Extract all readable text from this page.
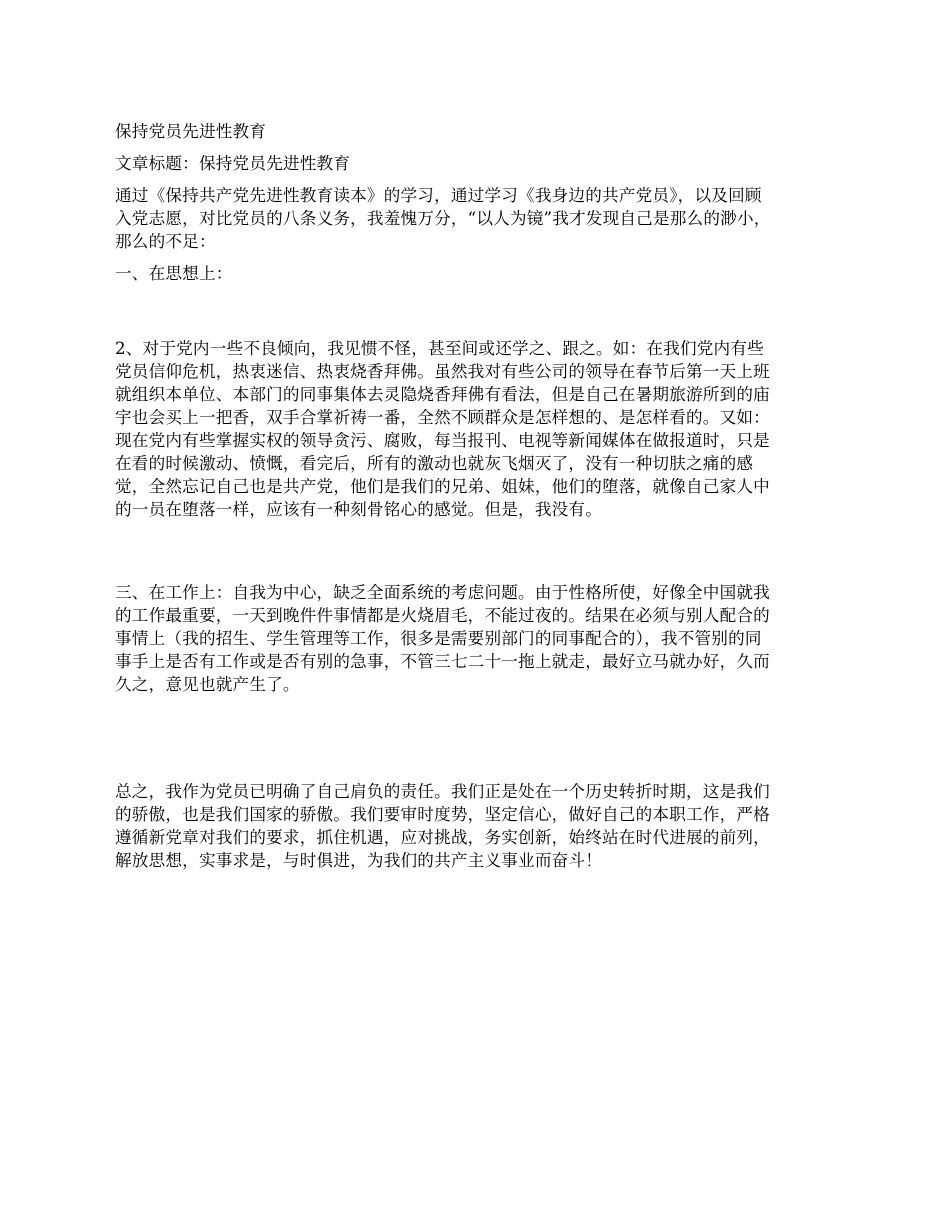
保持党员先进性教育
文章标题：保持党员先进性教育
通过《保持共产党先进性教育读本》的学习，通过学习《我身边的共产党员》，以及回顾
入党志愿，对比党员的八条义务，我羞愧万分，“以人为镜”我才发现自己是那么的渺小，
那么的不足：
一、在思想上：
2、对于党内一些不良倾向，我见惯不怪，甚至间或还学之、跟之。如：在我们党内有些
党员信仰危机，热衷迷信、热衷烧香拜佛。虽然我对有些公司的领导在春节后第一天上班
就组织本单位、本部门的同事集体去灵隐烧香拜佛有看法，但是自己在暑期旅游所到的庙
宇也会买上一把香，双手合掌祈祷一番，全然不顾群众是怎样想的、是怎样看的。又如：
现在党内有些掌握实权的领导贪污、腐败，每当报刊、电视等新闻媒体在做报道时，只是
在看的时候激动、愤慨，看完后，所有的激动也就灰飞烟灭了，没有一种切肤之痛的感
觉，全然忘记自己也是共产党，他们是我们的兄弟、姐妹，他们的堕落，就像自己家人中
的一员在堕落一样，应该有一种刻骨铭心的感觉。但是，我没有。
三、在工作上：自我为中心，缺乏全面系统的考虑问题。由于性格所使，好像全中国就我
的工作最重要，一天到晚件件事情都是火烧眉毛，不能过夜的。结果在必须与别人配合的
事情上（我的招生、学生管理等工作，很多是需要别部门的同事配合的），我不管别的同
事手上是否有工作或是否有别的急事，不管三七二十一拖上就走，最好立马就办好，久而
久之，意见也就产生了。
总之，我作为党员已明确了自己肩负的责任。我们正是处在一个历史转折时期，这是我们
的骄傲，也是我们国家的骄傲。我们要审时度势，坚定信心，做好自己的本职工作，严格
遵循新党章对我们的要求，抓住机遇，应对挑战，务实创新，始终站在时代进展的前列，
解放思想，实事求是，与时俱进，为我们的共产主义事业而奋斗！
